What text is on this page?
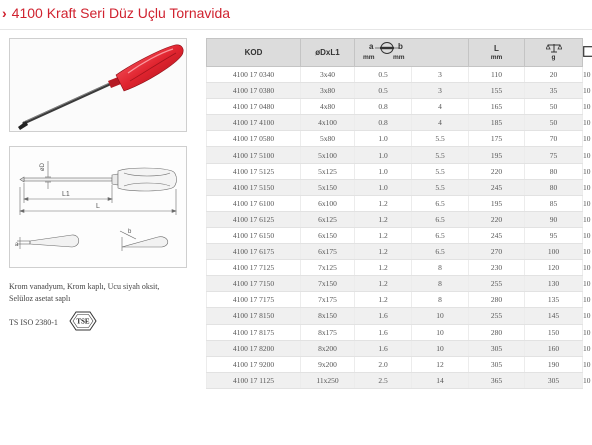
› 4100 Kraft Seri Düz Uçlu Tornavida
øD
L1
L
a
b
Krom vanadyum, Krom kaplı, Ucu siyah oksit,
Selüloz asetat saplı
TS ISO 2380-1	TSE
KOD	øDxL1	a b
mm mm		L
mm	g

4100 17 0340	3x40	0.5	3	110	20	10
4100 17 0380	3x80	0.5	3	155	35	10
4100 17 0480	4x80	0.8	4	165	50	10
4100 17 4100	4x100	0.8	4	185	50	10
4100 17 0580	5x80	1.0	5.5	175	70	10
4100 17 5100	5x100	1.0	5.5	195	75	10
4100 17 5125	5x125	1.0	5.5	220	80	10
4100 17 5150	5x150	1.0	5.5	245	80	10
4100 17 6100	6x100	1.2	6.5	195	85	10
4100 17 6125	6x125	1.2	6.5	220	90	10
4100 17 6150	6x150	1.2	6.5	245	95	10
4100 17 6175	6x175	1.2	6.5	270	100	10
4100 17 7125	7x125	1.2	8	230	120	10
4100 17 7150	7x150	1.2	8	255	130	10
4100 17 7175	7x175	1.2	8	280	135	10
4100 17 8150	8x150	1.6	10	255	145	10
4100 17 8175	8x175	1.6	10	280	150	10
4100 17 8200	8x200	1.6	10	305	160	10
4100 17 9200	9x200	2.0	12	305	190	10
4100 17 1125	11x250	2.5	14	365	305	10
